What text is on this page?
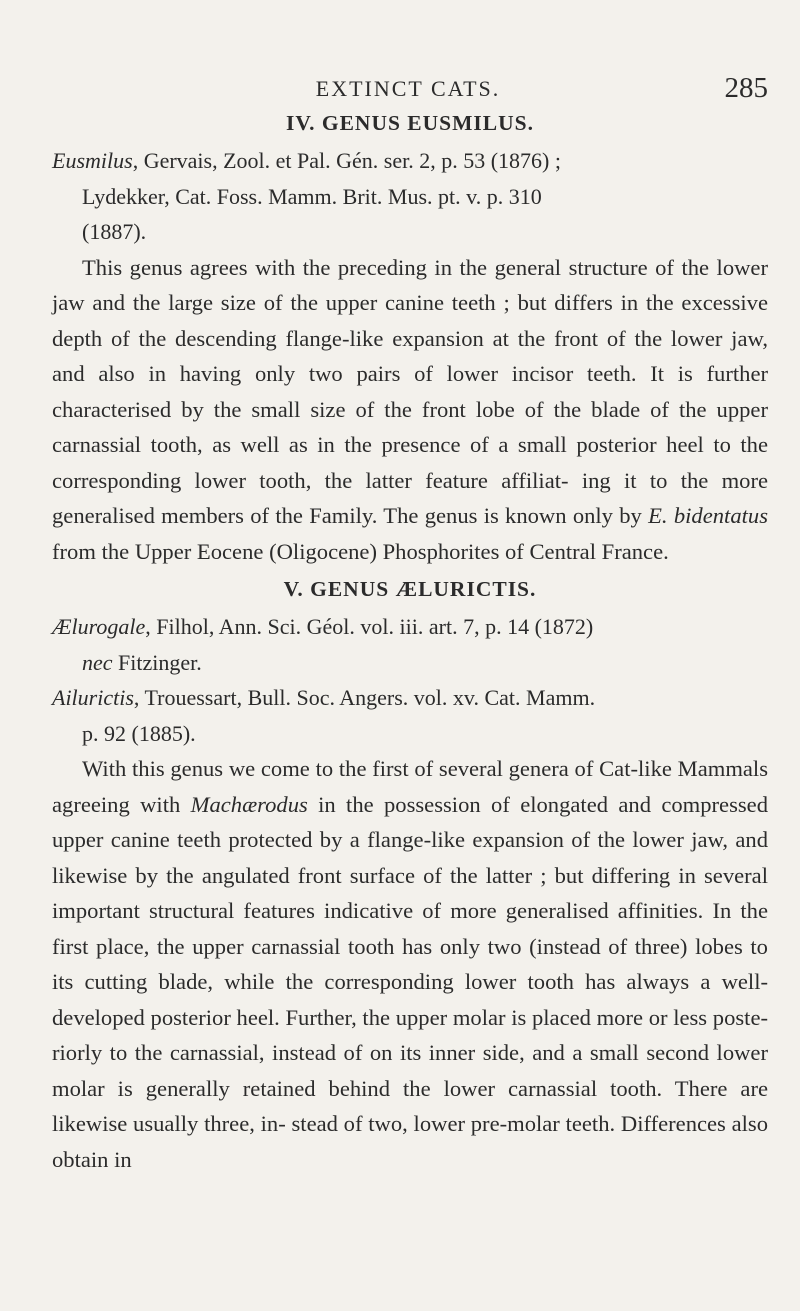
EXTINCT CATS.	285
IV. GENUS EUSMILUS.

Eusmilus, Gervais, Zool. et Pal. Gén. ser. 2, p. 53 (1876) ;
Lydekker, Cat. Foss. Mamm. Brit. Mus. pt. v. p. 310
(1887).

This genus agrees with the preceding in the general structure of the lower jaw and the large size of the upper canine teeth ; but differs in the excessive depth of the descending flange-like expansion at the front of the lower jaw, and also in having only two pairs of lower incisor teeth. It is further characterised by the small size of the front lobe of the blade of the upper carnassial tooth, as well as in the presence of a small posterior heel to the corresponding lower tooth, the latter feature affiliat- ing it to the more generalised members of the Family. The genus is known only by E. bidentatus from the Upper Eocene (Oligocene) Phosphorites of Central France.

V. GENUS ÆLURICTIS.

Ælurogale, Filhol, Ann. Sci. Géol. vol. iii. art. 7, p. 14 (1872)
nec Fitzinger.

Ailurictis, Trouessart, Bull. Soc. Angers. vol. xv. Cat. Mamm.
p. 92 (1885).

With this genus we come to the first of several genera of Cat-like Mammals agreeing with Machærodus in the possession of elongated and compressed upper canine teeth protected by a flange-like expansion of the lower jaw, and likewise by the angulated front surface of the latter ; but differing in several important structural features indicative of more generalised affinities. In the first place, the upper carnassial tooth has only two (instead of three) lobes to its cutting blade, while the corresponding lower tooth has always a well-developed posterior heel. Further, the upper molar is placed more or less poste- riorly to the carnassial, instead of on its inner side, and a small second lower molar is generally retained behind the lower carnassial tooth. There are likewise usually three, in- stead of two, lower pre-molar teeth. Differences also obtain in
